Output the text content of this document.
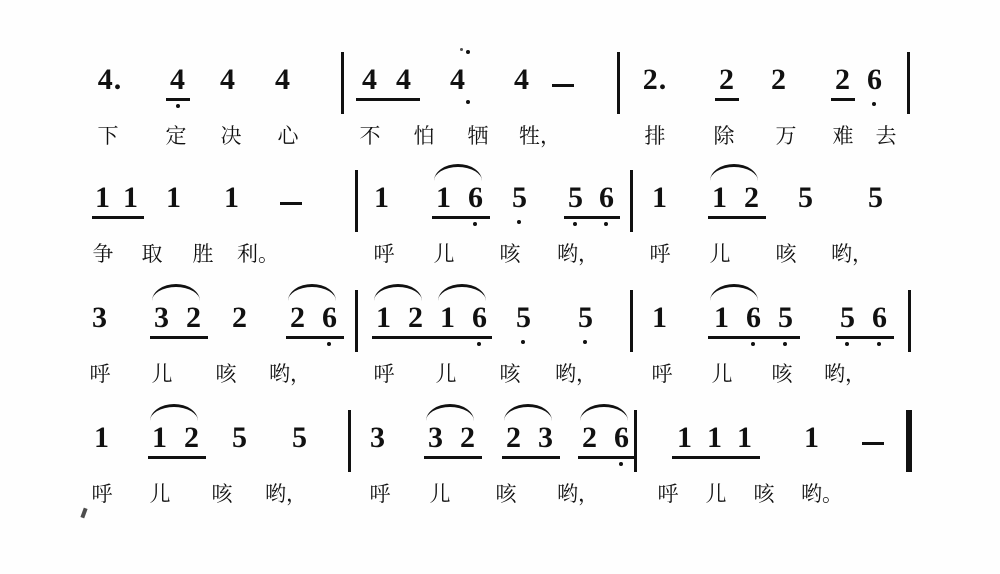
4. 4 4 4 4 4 4 4	2. 2 2 2 6
下 定 决 心	不 怕 牺 牲，	排 除 万 难 去
1 1 1 1	1 1 6 5 5 6 1 1 2 5 5
争 取 胜 利。	呼 儿 咳 哟， 呼 儿 咳 哟，
3 3 2 2 2 6 1 2 1 6 5 5 1 1 6 5 5 6
呼 儿 咳 哟，	呼 儿 咳 哟，	呼 儿 咳 哟，
1 1 2 5 5 3 3 2 2 3 2 6 1 1 1 1
呼 儿 咳 哟，	呼 儿 咳 哟，	呼 儿 咳 哟。
